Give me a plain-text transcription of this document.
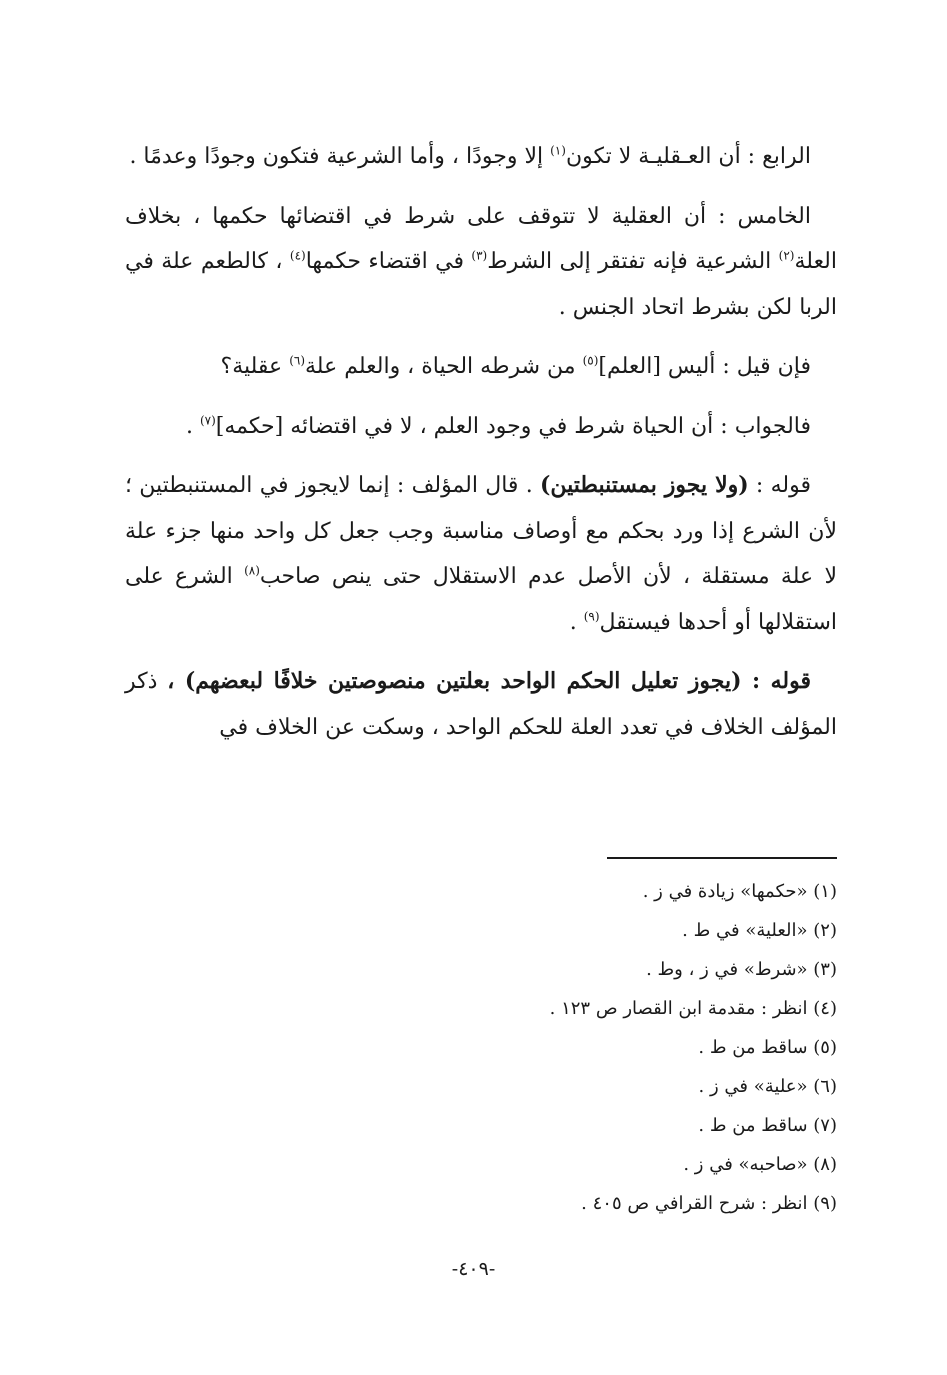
الرابع : أن العـقليـة لا تكون$^{(١)}$ إلا وجودًا ، وأما الشرعية فتكون وجودًا وعدمًا .

الخامس : أن العقلية لا تتوقف على شرط في اقتضائها حكمها ، بخلاف العلة$^{(٢)}$ الشرعية فإنه تفتقر إلى الشرط$^{(٣)}$ في اقتضاء حكمها$^{(٤)}$ ، كالطعم علة في الربا لكن بشرط اتحاد الجنس .

فإن قيل : أليس [العلم]$^{(٥)}$ من شرطه الحياة ، والعلم علة$^{(٦)}$ عقلية؟

فالجواب : أن الحياة شرط في وجود العلم ، لا في اقتضائه [حكمه]$^{(٧)}$ .

قوله : (ولا يجوز بمستنبطتين) . قال المؤلف : إنما لايجوز في المستنبطتين ؛ لأن الشرع إذا ورد بحكم مع أوصاف مناسبة وجب جعل كل واحد منها جزء علة لا علة مستقلة ، لأن الأصل عدم الاستقلال حتى ينص صاحب$^{(٨)}$ الشرع على استقلالها أو أحدها فيستقل$^{(٩)}$ .

قوله : (يجوز تعليل الحكم الواحد بعلتين منصوصتين خلافًا لبعضهم) ، ذكر المؤلف الخلاف في تعدد العلة للحكم الواحد ، وسكت عن الخلاف في

(١) «حكمها» زيادة في ز .
(٢) «العلية» في ط .
(٣) «شرط» في ز ، وط .
(٤) انظر : مقدمة ابن القصار ص ١٢٣ .
(٥) ساقط من ط .
(٦) «علية» في ز .
(٧) ساقط من ط .
(٨) «صاحبه» في ز .
(٩) انظر : شرح القرافي ص ٤٠٥ .
-٤٠٩-
